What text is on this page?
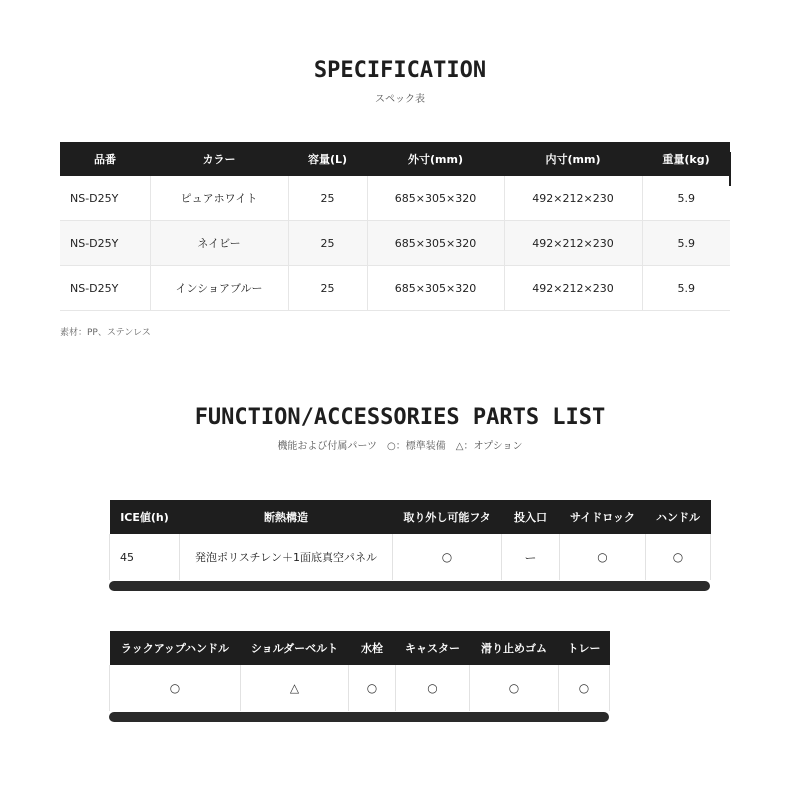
SPECIFICATION
スペック表
品番	カラー	容量(L)	外寸(mm)	内寸(mm)	重量(kg)
NS-D25Y	ピュアホワイト	25	685×305×320	492×212×230	5.9
NS-D25Y	ネイビー	25	685×305×320	492×212×230	5.9
NS-D25Y	インショアブルー	25	685×305×320	492×212×230	5.9
素材：PP、ステンレス
FUNCTION/ACCESSORIES PARTS LIST
機能および付属パーツ　○：標準装備　△：オプション
ICE値(h)	断熱構造	取り外し可能フタ	投入口	サイドロック	ハンドル
45	発泡ポリスチレン＋1面底真空パネル	○	ー	○	○
ラックアップハンドル	ショルダーベルト	水栓	キャスター	滑り止めゴム	トレー
○	△	○	○	○	○
